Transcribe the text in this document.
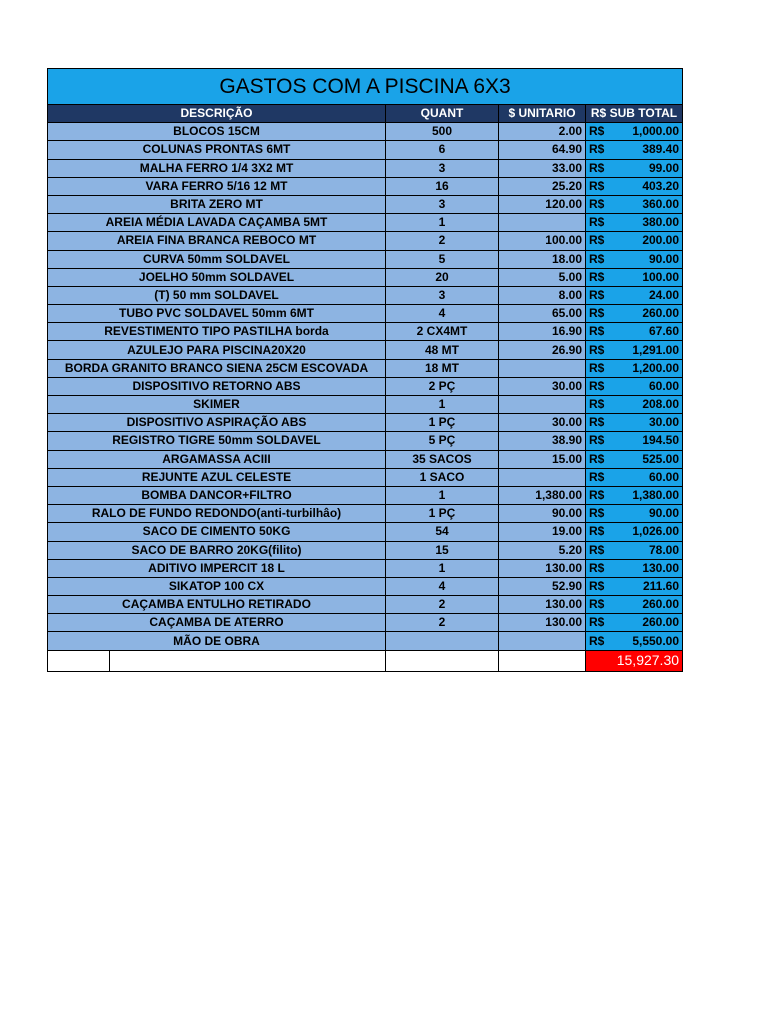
GASTOS COM A PISCINA 6X3				
DESCRIÇÃO		QUANT	$ UNITARIO	R$ SUB TOTAL
BLOCOS 15CM		500	2.00	R$ 1,000.00

COLUNAS PRONTAS 6MT		6	64.90	R$ 389.40

MALHA FERRO 1/4 3X2 MT		3	33.00	R$ 99.00

VARA FERRO 5/16 12 MT		16	25.20	R$ 403.20

BRITA ZERO MT		3	120.00	R$ 360.00

AREIA MÉDIA LAVADA CAÇAMBA 5MT		1		R$ 380.00

AREIA FINA BRANCA REBOCO MT		2	100.00	R$ 200.00

CURVA 50mm SOLDAVEL		5	18.00	R$ 90.00

JOELHO 50mm SOLDAVEL		20	5.00	R$ 100.00

(T) 50 mm SOLDAVEL		3	8.00	R$ 24.00

TUBO PVC SOLDAVEL 50mm 6MT		4	65.00	R$ 260.00

REVESTIMENTO TIPO PASTILHA borda		2 CX4MT	16.90	R$ 67.60

AZULEJO PARA PISCINA20X20		48 MT	26.90	R$ 1,291.00

BORDA GRANITO BRANCO SIENA 25CM ESCOVADA		18 MT		R$ 1,200.00

DISPOSITIVO RETORNO ABS		2 PÇ	30.00	R$ 60.00

SKIMER		1		R$ 208.00

DISPOSITIVO ASPIRAÇÃO ABS		1 PÇ	30.00	R$ 30.00

REGISTRO TIGRE 50mm SOLDAVEL		5 PÇ	38.90	R$ 194.50

ARGAMASSA ACIII		35 SACOS	15.00	R$ 525.00

REJUNTE AZUL CELESTE		1 SACO		R$ 60.00

BOMBA DANCOR+FILTRO		1	1,380.00	R$ 1,380.00

RALO DE FUNDO REDONDO(anti-turbilhâo)		1 PÇ	90.00	R$ 90.00

SACO DE CIMENTO 50KG		54	19.00	R$ 1,026.00

SACO DE BARRO 20KG(filito)		15	5.20	R$ 78.00

ADITIVO IMPERCIT 18 L		1	130.00	R$ 130.00

SIKATOP 100 CX		4	52.90	R$ 211.60

CAÇAMBA ENTULHO RETIRADO		2	130.00	R$ 260.00

CAÇAMBA DE ATERRO		2	130.00	R$ 260.00

MÃO DE OBRA				R$ 5,550.00

				15,927.30
